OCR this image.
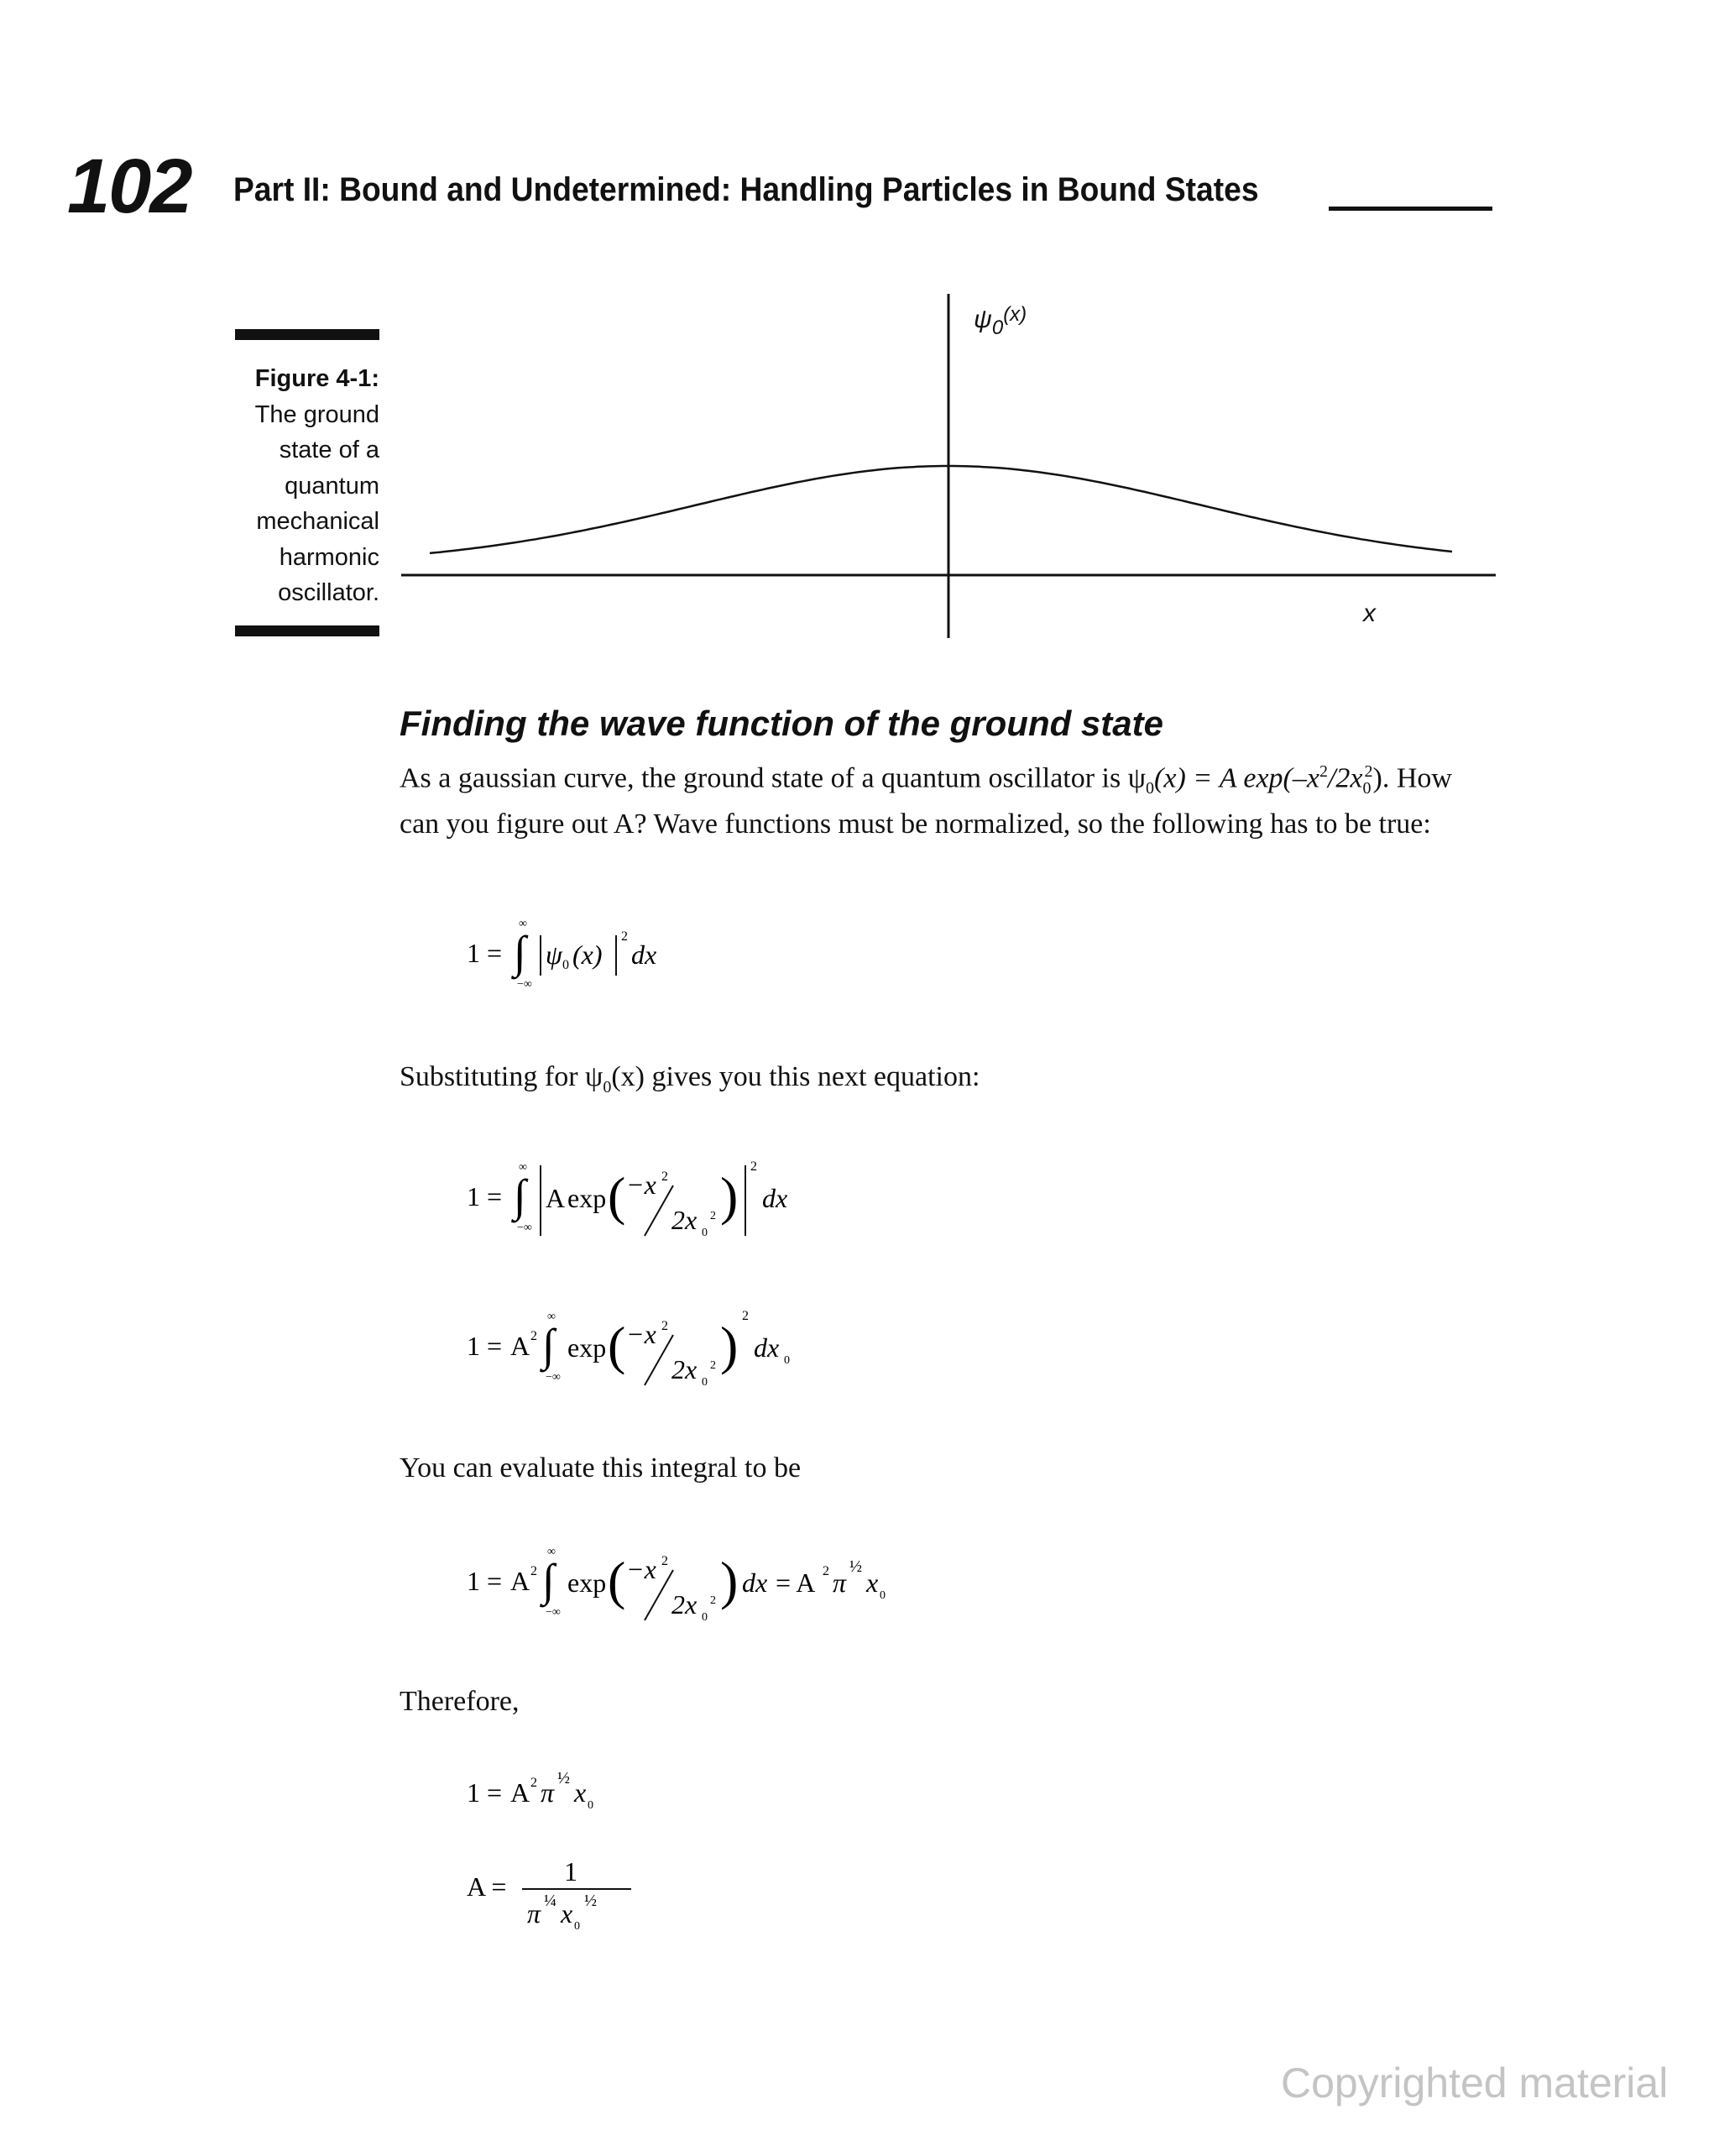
102 Part II: Bound and Undetermined: Handling Particles in Bound States
Figure 4-1:
The ground
state of a
quantum
mechanical
harmonic
oscillator.
$\psi_0^{(x)}$
x
Finding the wave function of the ground state
As a gaussian curve, the ground state of a quantum oscillator is $\psi_0(x) = A$ $\exp(-x^2/2x_0^2)$. How can you figure out A? Wave functions must be normalized, so the following has to be true:
1 = ∫
∞
−∞
ψ 0 (x)
2
dx
Substituting for $\psi_0(x)$ gives you this next equation:
1 = ∫
∞
−∞
A exp ( −x 2
2x 0
2 ) 2
dx
1 = A 2 ∫
∞
−∞
exp ( −x 2
2x 0
2 ) 2
dx 0
You can evaluate this integral to be
1 = A 2 ∫
∞
−∞
exp ( −x 2
2x 0
2 ) dx = A 2 π
½
x 0
Therefore,
1 = A 2 π ½ x 0
A = 1
π ¼ x 0
½
Copyrighted material
